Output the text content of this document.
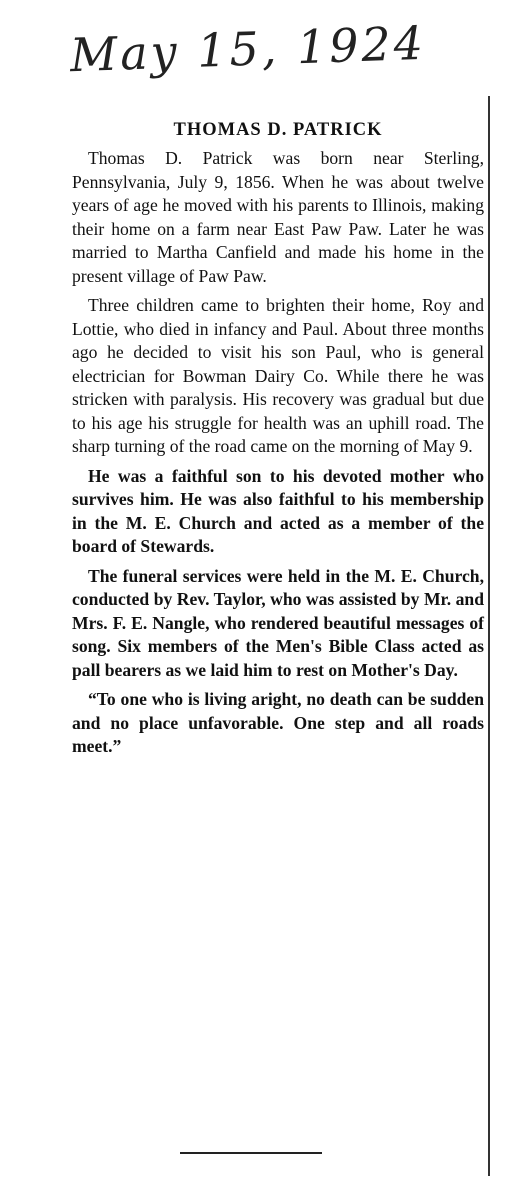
May 15, 1924
THOMAS D. PATRICK

Thomas D. Patrick was born near Sterling, Pennsylvania, July 9, 1856. When he was about twelve years of age he moved with his parents to Illinois, making their home on a farm near East Paw Paw. Later he was married to Martha Canfield and made his home in the present village of Paw Paw.

Three children came to brighten their home, Roy and Lottie, who died in infancy and Paul. About three months ago he decided to visit his son Paul, who is general electrician for Bowman Dairy Co. While there he was stricken with paralysis. His recovery was gradual but due to his age his struggle for health was an uphill road. The sharp turning of the road came on the morning of May 9.

He was a faithful son to his devoted mother who survives him. He was also faithful to his membership in the M. E. Church and acted as a member of the board of Stewards.

The funeral services were held in the M. E. Church, conducted by Rev. Taylor, who was assisted by Mr. and Mrs. F. E. Nangle, who rendered beautiful messages of song. Six members of the Men's Bible Class acted as pall bearers as we laid him to rest on Mother's Day.

“To one who is living aright, no death can be sudden and no place unfavorable. One step and all roads meet.”
